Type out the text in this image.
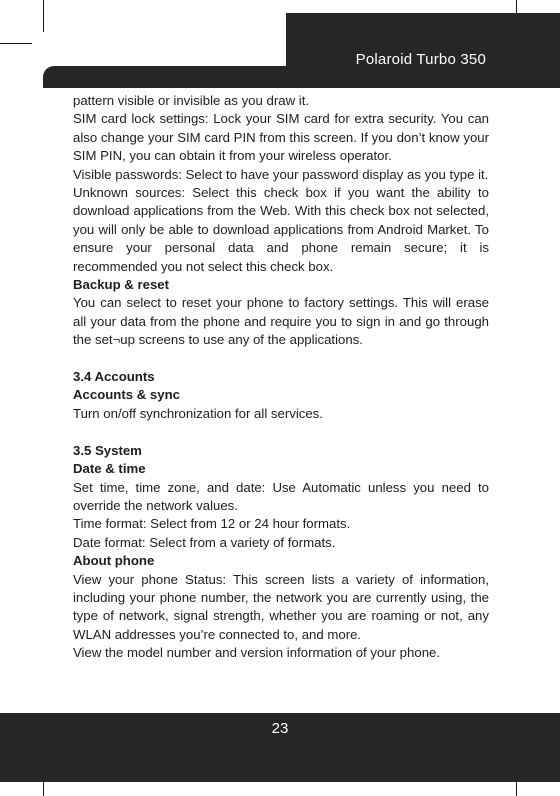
Polaroid Turbo 350

pattern visible or invisible as you draw it.

SIM card lock settings: Lock your SIM card for extra security. You can also change your SIM card PIN from this screen. If you don’t know your SIM PIN, you can obtain it from your wireless operator.

Visible passwords: Select to have your password display as you type it.

Unknown sources: Select this check box if you want the ability to download applications from the Web. With this check box not selected, you will only be able to download applications from Android Market. To ensure your personal data and phone remain secure; it is recommended you not select this check box.

Backup & reset

You can select to reset your phone to factory settings. This will erase all your data from the phone and require you to sign in and go through the set¬up screens to use any of the applications.

3.4 Accounts

Accounts & sync

Turn on/off synchronization for all services.

3.5 System

Date & time

Set time, time zone, and date: Use Automatic unless you need to override the network values.

Time format: Select from 12 or 24 hour formats.

Date format: Select from a variety of formats.

About phone

View your phone Status: This screen lists a variety of information, including your phone number, the network you are currently using, the type of network, signal strength, whether you are roaming or not, any WLAN addresses you’re connected to, and more.

View the model number and version information of your phone.

23
